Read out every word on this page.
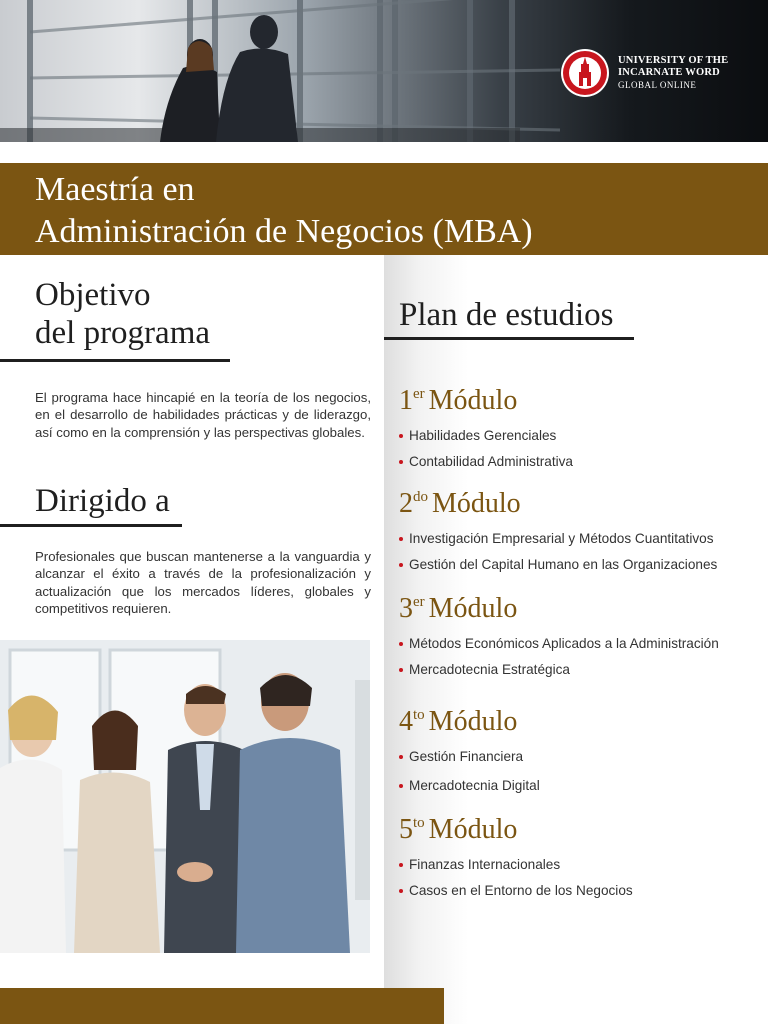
UNIVERSITY OF THE
INCARNATE WORD
GLOBAL ONLINE
Maestría en
Administración de Negocios (MBA)
Objetivo
del programa

El programa hace hincapié en la teoría de los negocios, en el desarrollo de habilidades prácticas y de liderazgo, así como en la comprensión y las perspectivas globales.

Dirigido a

Profesionales que buscan mantenerse a la vanguardia y alcanzar el éxito a través de la profesionalización y actualización que los mercados líderes, globales y competitivos requieren.

Plan de estudios
1er Módulo
Habilidades Gerenciales
Contabilidad Administrativa
$2^{do}$ Módulo
Investigación Empresarial y Métodos Cuantitativos
Gestión del Capital Humano en las Organizaciones
3er Módulo
Métodos Económicos Aplicados a la Administración
Mercadotecnia Estratégica
$4^{to}$ Módulo
Gestión Financiera
Mercadotecnia Digital
$5^{to}$ Módulo
Finanzas Internacionales
Casos en el Entorno de los Negocios
